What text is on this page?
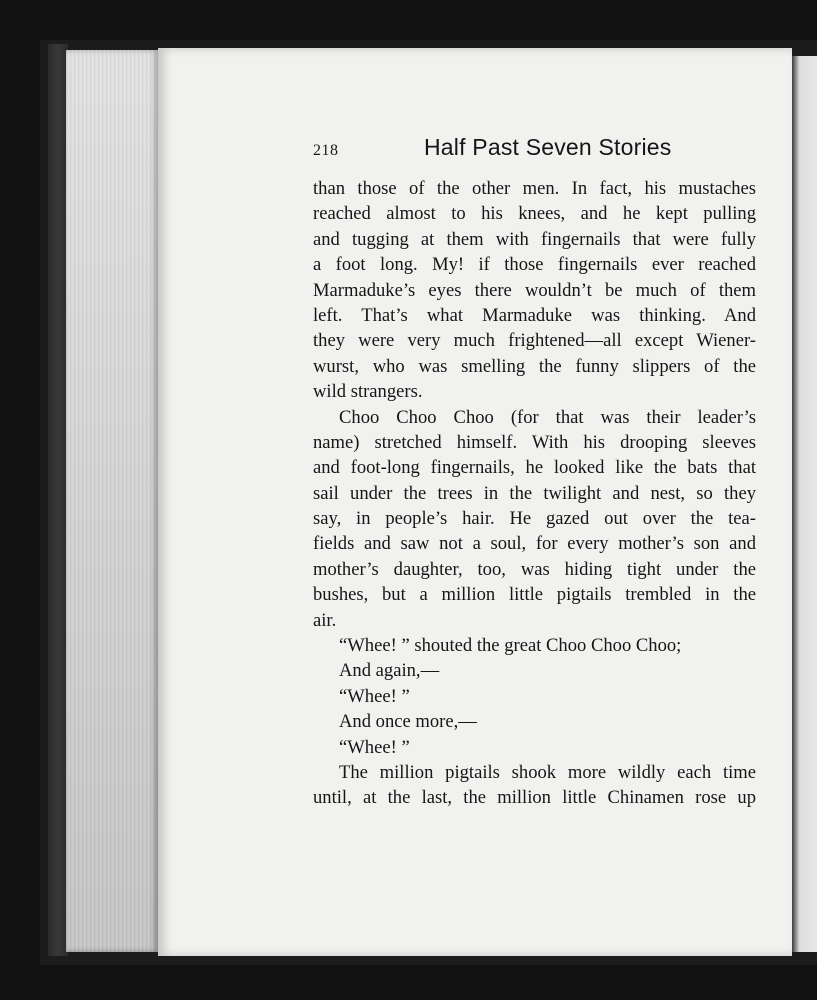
218	Half Past Seven Stories
than those of the other men. In fact, his mustaches
reached almost to his knees, and he kept pulling
and tugging at them with fingernails that were fully
a foot long. My! if those fingernails ever reached
Marmaduke’s eyes there wouldn’t be much of them
left. That’s what Marmaduke was thinking. And
they were very much frightened—all except Wiener-
wurst, who was smelling the funny slippers of the
wild strangers.
Choo Choo Choo (for that was their leader’s
name) stretched himself. With his drooping sleeves
and foot-long fingernails, he looked like the bats that
sail under the trees in the twilight and nest, so they
say, in people’s hair. He gazed out over the tea-
fields and saw not a soul, for every mother’s son and
mother’s daughter, too, was hiding tight under the
bushes, but a million little pigtails trembled in the
air.
“Whee! ” shouted the great Choo Choo Choo;
And again,—
“Whee! ”
And once more,—
“Whee! ”
The million pigtails shook more wildly each time
until, at the last, the million little Chinamen rose up
